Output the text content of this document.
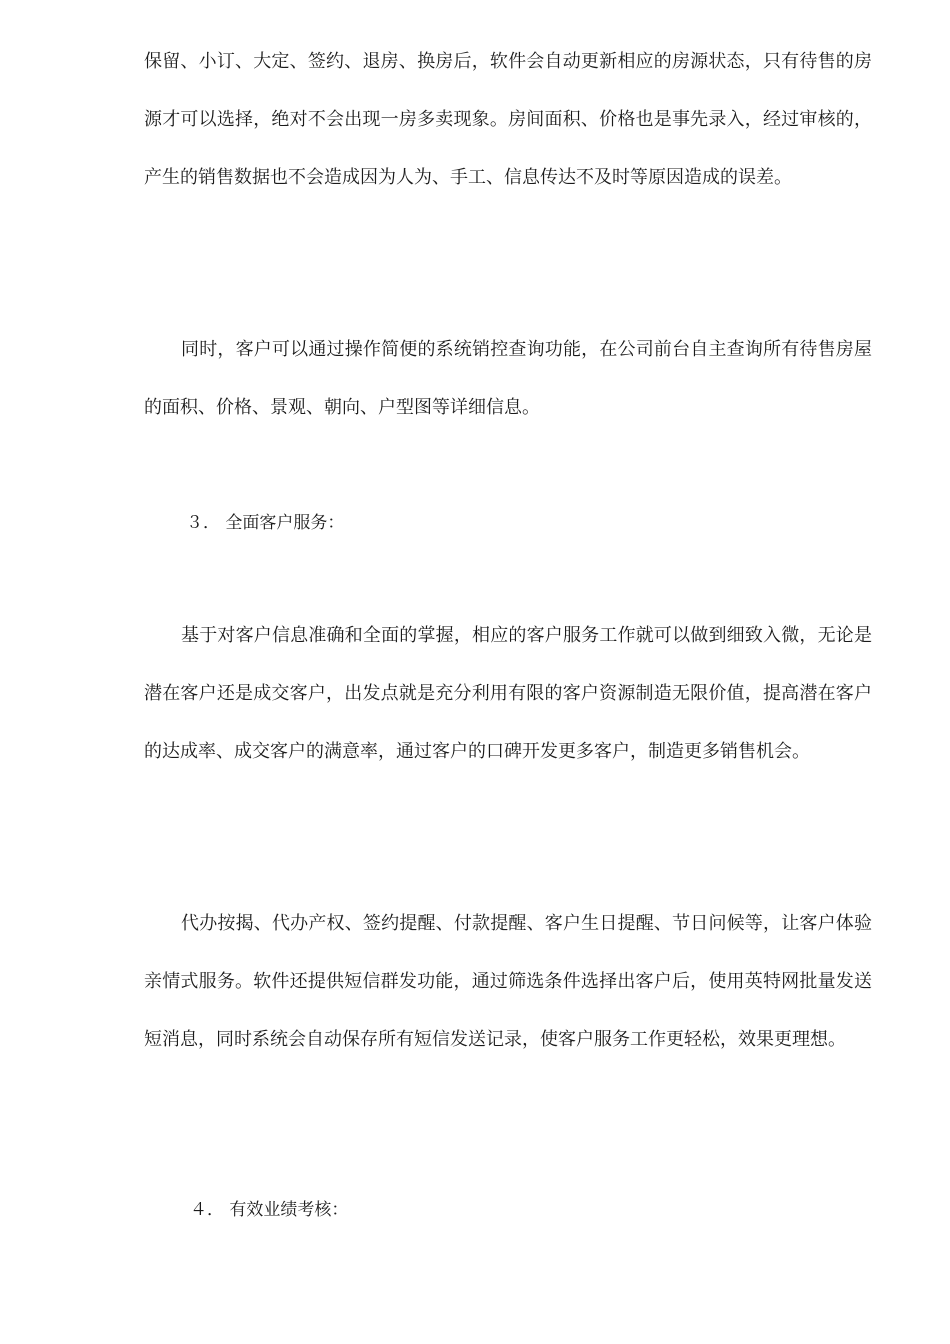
保留、小订、大定、签约、退房、换房后，软件会自动更新相应的房源状态，只有待售的房源才可以选择，绝对不会出现一房多卖现象。房间面积、价格也是事先录入，经过审核的，产生的销售数据也不会造成因为人为、手工、信息传达不及时等原因造成的误差。

同时，客户可以通过操作简便的系统销控查询功能，在公司前台自主查询所有待售房屋的面积、价格、景观、朝向、户型图等详细信息。

３． 全面客户服务：

基于对客户信息准确和全面的掌握，相应的客户服务工作就可以做到细致入微，无论是潜在客户还是成交客户，出发点就是充分利用有限的客户资源制造无限价值，提高潜在客户的达成率、成交客户的满意率，通过客户的口碑开发更多客户，制造更多销售机会。

代办按揭、代办产权、签约提醒、付款提醒、客户生日提醒、节日问候等，让客户体验亲情式服务。软件还提供短信群发功能，通过筛选条件选择出客户后，使用英特网批量发送短消息，同时系统会自动保存所有短信发送记录，使客户服务工作更轻松，效果更理想。

４． 有效业绩考核：
